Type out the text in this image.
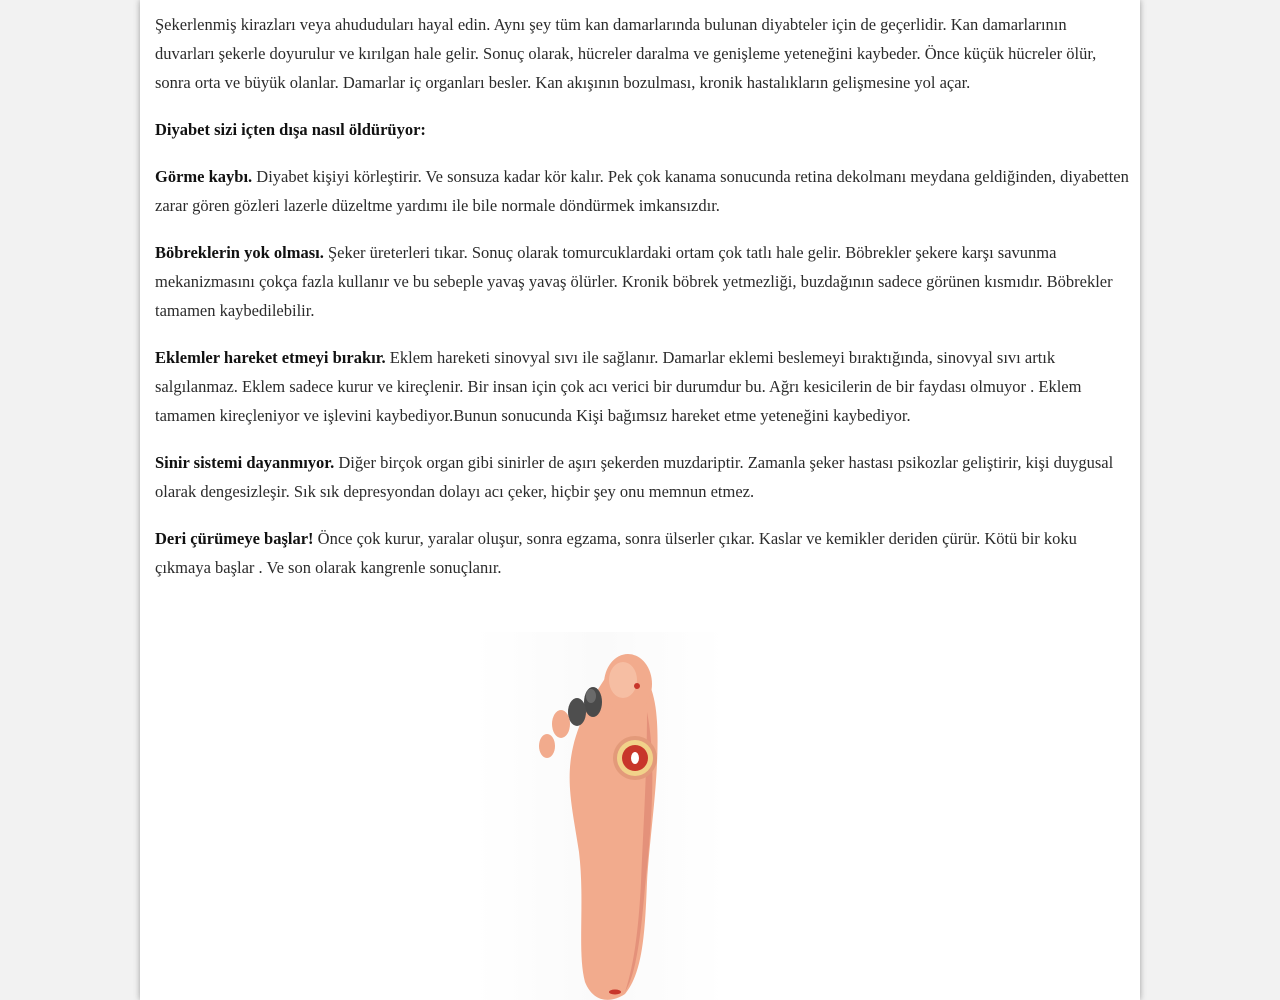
Şekerlenmiş kirazları veya ahududuları hayal edin. Aynı şey tüm kan damarlarında bulunan diyabteler için de geçerlidir. Kan damarlarının duvarları şekerle doyurulur ve kırılgan hale gelir. Sonuç olarak, hücreler daralma ve genişleme yeteneğini kaybeder. Önce küçük hücreler ölür, sonra orta ve büyük olanlar. Damarlar iç organları besler. Kan akışının bozulması, kronik hastalıkların gelişmesine yol açar.

Diyabet sizi içten dışa nasıl öldürüyor:

Görme kaybı. Diyabet kişiyi körleştirir. Ve sonsuza kadar kör kalır. Pek çok kanama sonucunda retina dekolmanı meydana geldiğinden, diyabetten zarar gören gözleri lazerle düzeltme yardımı ile bile normale döndürmek imkansızdır.

Böbreklerin yok olması. Şeker üreterleri tıkar. Sonuç olarak tomurcuklardaki ortam çok tatlı hale gelir. Böbrekler şekere karşı savunma mekanizmasını çokça fazla kullanır ve bu sebeple yavaş yavaş ölürler. Kronik böbrek yetmezliği, buzdağının sadece görünen kısmıdır. Böbrekler tamamen kaybedilebilir.

Eklemler hareket etmeyi bırakır. Eklem hareketi sinovyal sıvı ile sağlanır. Damarlar eklemi beslemeyi bıraktığında, sinovyal sıvı artık salgılanmaz. Eklem sadece kurur ve kireçlenir. Bir insan için çok acı verici bir durumdur bu. Ağrı kesicilerin de bir faydası olmuyor . Eklem tamamen kireçleniyor ve işlevini kaybediyor.Bunun sonucunda Kişi bağımsız hareket etme yeteneğini kaybediyor.

Sinir sistemi dayanmıyor. Diğer birçok organ gibi sinirler de aşırı şekerden muzdariptir. Zamanla şeker hastası psikozlar geliştirir, kişi duygusal olarak dengesizleşir. Sık sık depresyondan dolayı acı çeker, hiçbir şey onu memnun etmez.

Deri çürümeye başlar! Önce çok kurur, yaralar oluşur, sonra egzama, sonra ülserler çıkar. Kaslar ve kemikler deriden çürür. Kötü bir koku çıkmaya başlar . Ve son olarak kangrenle sonuçlanır.
